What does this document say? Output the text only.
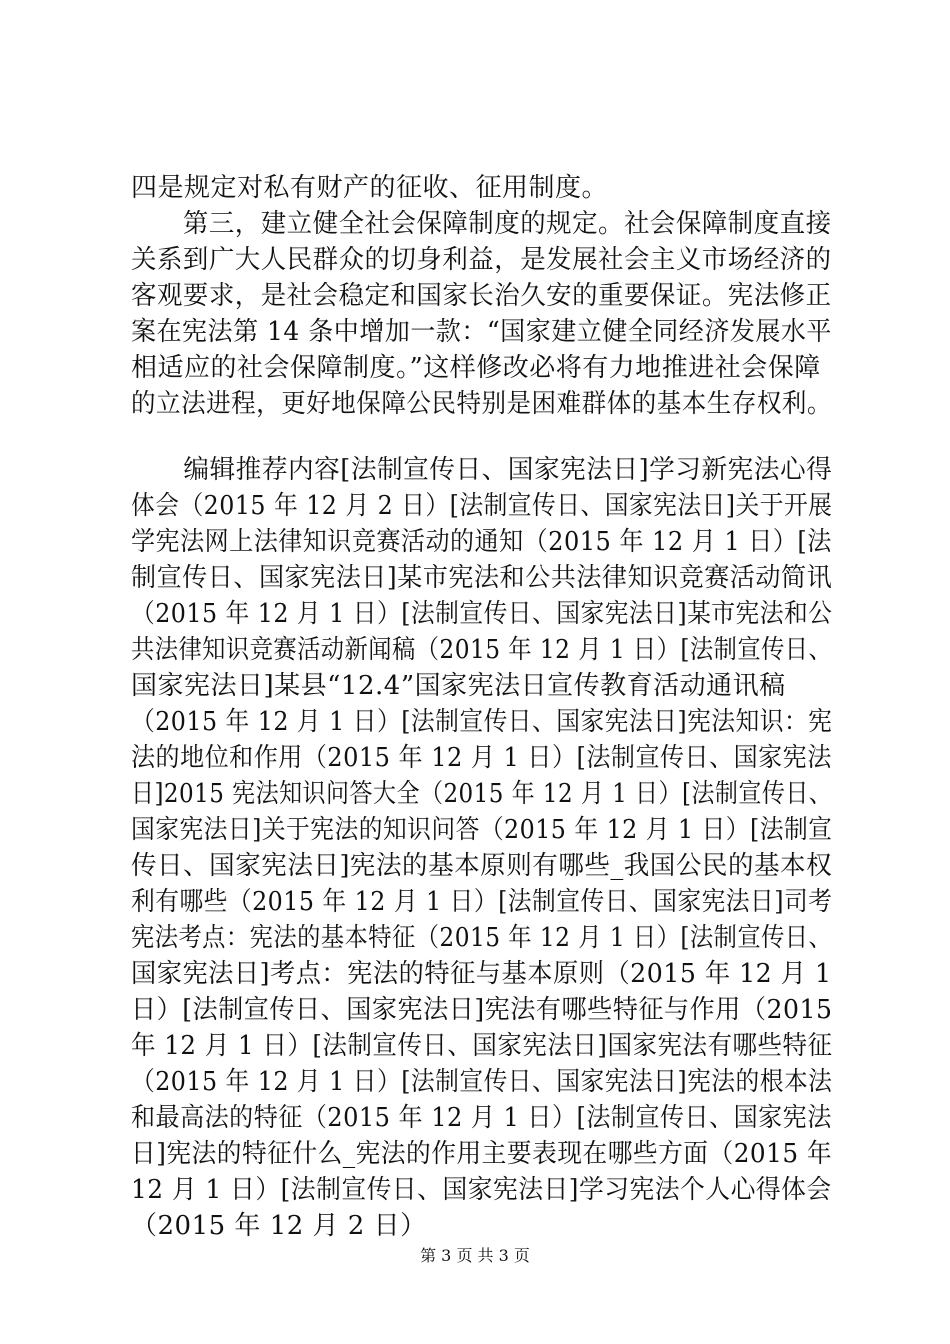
四是规定对私有财产的征收、征用制度。
　　第三，建立健全社会保障制度的规定。社会保障制度直接
关系到广大人民群众的切身利益，是发展社会主义市场经济的
客观要求，是社会稳定和国家长治久安的重要保证。宪法修正
案在宪法第 14 条中增加一款：“国家建立健全同经济发展水平
相适应的社会保障制度。”这样修改必将有力地推进社会保障
的立法进程，更好地保障公民特别是困难群体的基本生存权利。
　　编辑推荐内容[法制宣传日、国家宪法日]学习新宪法心得
体会（2015 年 12 月 2 日）[法制宣传日、国家宪法日]关于开展
学宪法网上法律知识竞赛活动的通知（2015 年 12 月 1 日）[法
制宣传日、国家宪法日]某市宪法和公共法律知识竞赛活动简讯
（2015 年 12 月 1 日）[法制宣传日、国家宪法日]某市宪法和公
共法律知识竞赛活动新闻稿（2015 年 12 月 1 日）[法制宣传日、
国家宪法日]某县“12.4”国家宪法日宣传教育活动通讯稿
（2015 年 12 月 1 日）[法制宣传日、国家宪法日]宪法知识：宪
法的地位和作用（2015 年 12 月 1 日）[法制宣传日、国家宪法
日]2015 宪法知识问答大全（2015 年 12 月 1 日）[法制宣传日、
国家宪法日]关于宪法的知识问答（2015 年 12 月 1 日）[法制宣
传日、国家宪法日]宪法的基本原则有哪些_我国公民的基本权
利有哪些（2015 年 12 月 1 日）[法制宣传日、国家宪法日]司考
宪法考点：宪法的基本特征（2015 年 12 月 1 日）[法制宣传日、
国家宪法日]考点：宪法的特征与基本原则（2015 年 12 月 1
日）[法制宣传日、国家宪法日]宪法有哪些特征与作用（2015
年 12 月 1 日）[法制宣传日、国家宪法日]国家宪法有哪些特征
（2015 年 12 月 1 日）[法制宣传日、国家宪法日]宪法的根本法
和最高法的特征（2015 年 12 月 1 日）[法制宣传日、国家宪法
日]宪法的特征什么_宪法的作用主要表现在哪些方面（2015 年
12 月 1 日）[法制宣传日、国家宪法日]学习宪法个人心得体会
（2015 年 12 月 2 日）
第 3 页 共 3 页
